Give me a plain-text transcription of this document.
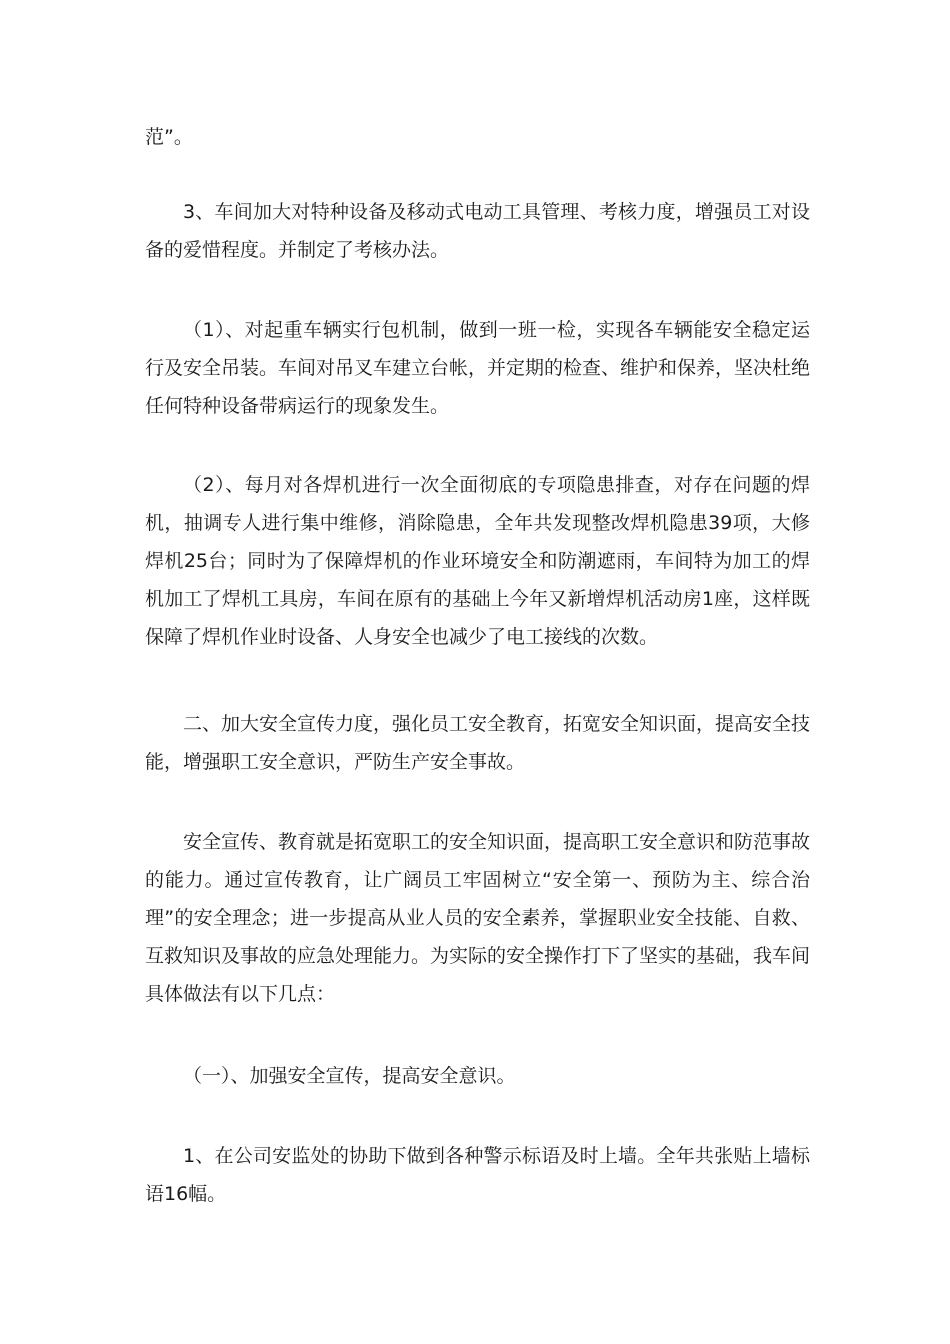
范”。

3、车间加大对特种设备及移动式电动工具管理、考核力度，增强员工对设备的爱惜程度。并制定了考核办法。

（1）、对起重车辆实行包机制，做到一班一检，实现各车辆能安全稳定运行及安全吊装。车间对吊叉车建立台帐，并定期的检查、维护和保养，坚决杜绝任何特种设备带病运行的现象发生。

（2）、每月对各焊机进行一次全面彻底的专项隐患排查，对存在问题的焊机，抽调专人进行集中维修，消除隐患，全年共发现整改焊机隐患39项，大修焊机25台；同时为了保障焊机的作业环境安全和防潮遮雨，车间特为加工的焊机加工了焊机工具房，车间在原有的基础上今年又新增焊机活动房1座，这样既保障了焊机作业时设备、人身安全也减少了电工接线的次数。

二、加大安全宣传力度，强化员工安全教育，拓宽安全知识面，提高安全技能，增强职工安全意识，严防生产安全事故。

安全宣传、教育就是拓宽职工的安全知识面，提高职工安全意识和防范事故的能力。通过宣传教育，让广阔员工牢固树立“安全第一、预防为主、综合治理”的安全理念；进一步提高从业人员的安全素养，掌握职业安全技能、自救、互救知识及事故的应急处理能力。为实际的安全操作打下了坚实的基础，我车间具体做法有以下几点：

（一）、加强安全宣传，提高安全意识。

1、在公司安监处的协助下做到各种警示标语及时上墙。全年共张贴上墙标语16幅。
